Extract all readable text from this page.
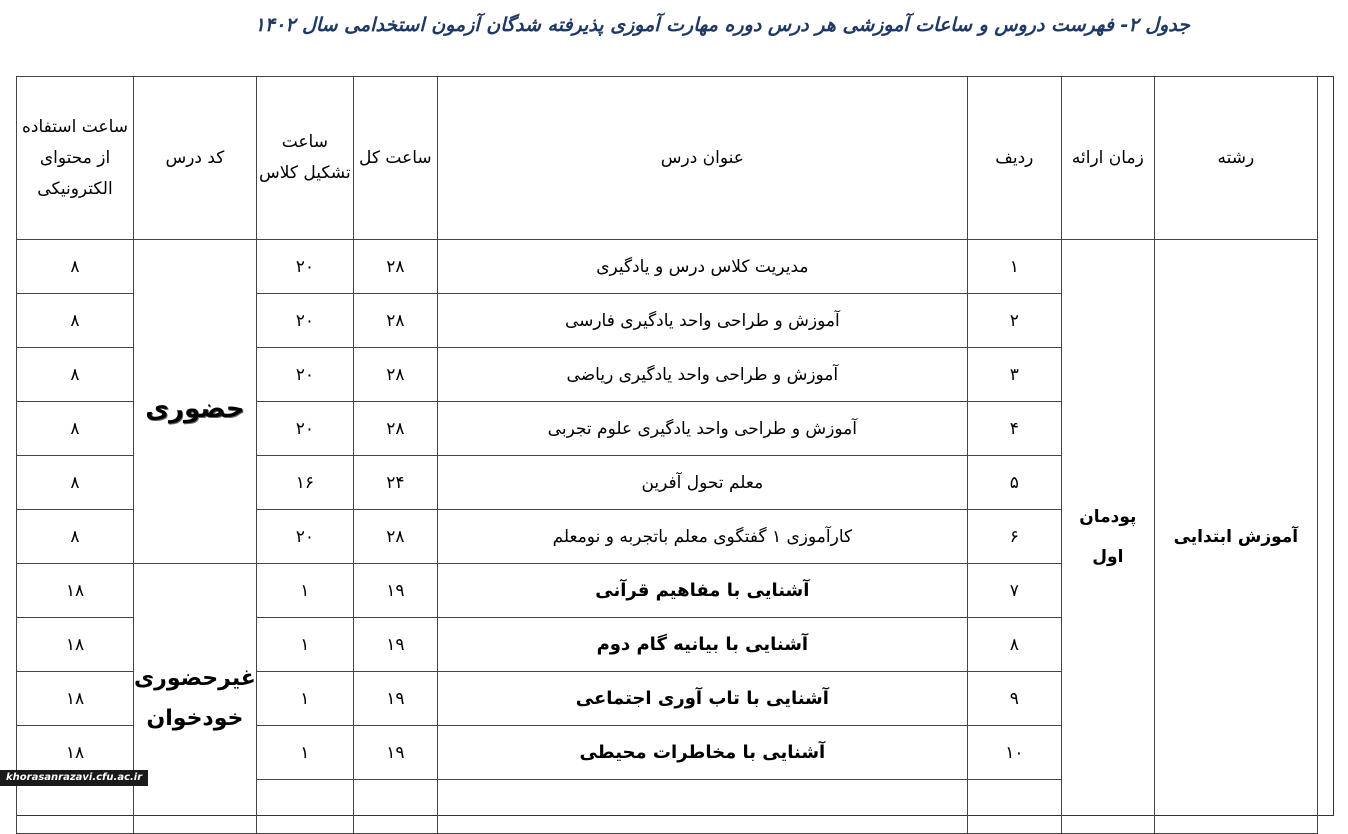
جدول ۲- فهرست دروس و ساعات آموزشی هر درس دوره مهارت آموزی پذیرفته شدگان آزمون استخدامی سال ۱۴۰۲
رشته	زمان ارائه	ردیف	عنوان درس	ساعت کل	ساعت تشکیل کلاس	کد درس	ساعت استفاده از محتوای الکترونیکی
آموزش ابتدایی	پودمان اول	۱	مدیریت کلاس درس و یادگیری	۲۸	۲۰	حضوری	۸
		۲	آموزش و طراحی واحد یادگیری فارسی	۲۸	۲۰		۸
		۳	آموزش و طراحی واحد یادگیری ریاضی	۲۸	۲۰		۸
		۴	آموزش و طراحی واحد یادگیری علوم تجربی	۲۸	۲۰		۸
		۵	معلم تحول آفرین	۲۴	۱۶		۸
		۶	کارآموزی ۱ گفتگوی معلم باتجربه و نومعلم	۲۸	۲۰		۸
		۷	آشنایی با مفاهیم قرآنی	۱۹	۱	غیرحضوری خودخوان	۱۸
		۸	آشنایی با بیانیه گام دوم	۱۹	۱		۱۸
		۹	آشنایی با تاب آوری اجتماعی	۱۹	۱		۱۸
		۱۰	آشنایی با مخاطرات محیطی	۱۹	۱		۱۸

khorasanrazavi.cfu.ac.ir
